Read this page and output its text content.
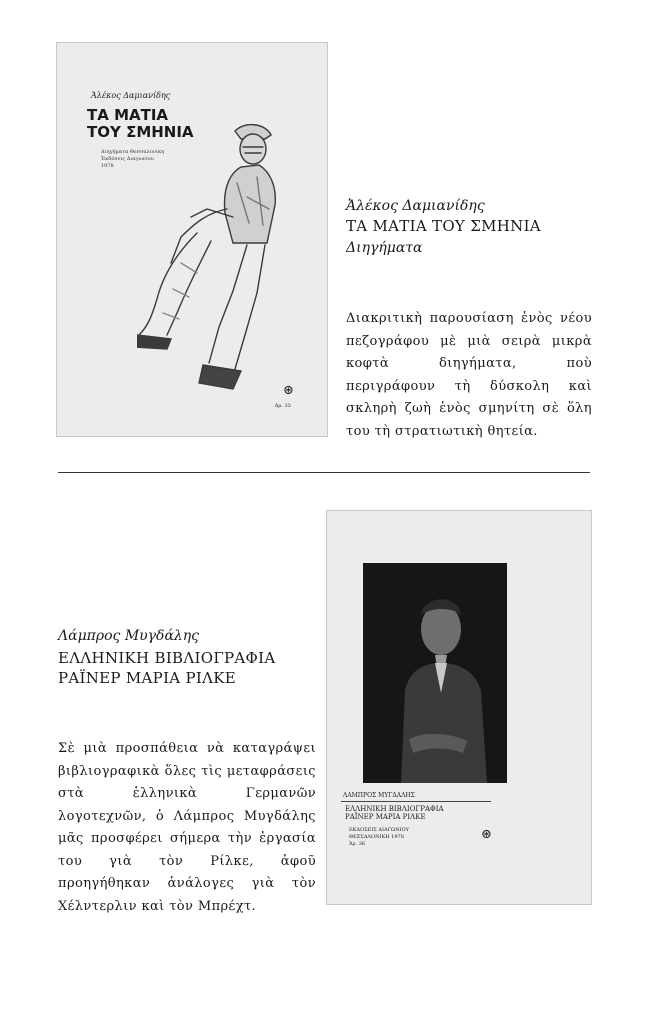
Ἀλέκος Δαμιανίδης
ΤΑ ΜΑΤΙΑ
ΤΟΥ ΣΜΗΝΙΑ
Διηγήματα Θεσσαλονίκη
Ἐκδόσεις Διαγωνίου
1978
⊛
ἀρ. 33
Ἀλέκος Δαμιανίδης
ΤΑ ΜΑΤΙΑ ΤΟΥ ΣΜΗΝΙΑ
Διηγήματα
Διακριτικὴ παρουσίαση ἑνὸς νέου πεζογράφου μὲ μιὰ σειρὰ μικρὰ κοφτὰ διηγήματα, ποὺ περιγράφουν τὴ δύσκολη καὶ σκληρὴ ζωὴ ἑνὸς σμηνίτη σὲ ὅλη του τὴ στρατιωτικὴ θητεία.
Λάμπρος Μυγδάλης
ΕΛΛΗΝΙΚΗ ΒΙΒΛΙΟΓΡΑΦΙΑ
ΡΑΪΝΕΡ ΜΑΡΙΑ ΡΙΛΚΕ
Σὲ μιὰ προσπάθεια νὰ καταγράψει βιβλιογραφικὰ ὅλες τὶς μεταφράσεις στὰ ἑλληνικὰ Γερμανῶν λογοτεχνῶν, ὁ Λάμπρος Μυγδάλης μᾶς προσφέρει σήμερα τὴν ἐργασία του γιὰ τὸν Ρίλκε, ἀφοῦ προηγήθηκαν ἀνάλογες γιὰ τὸν Χέλντερλιν καὶ τὸν Μπρέχτ.
ΛΑΜΠΡΟΣ ΜΥΓΔΑΛΗΣ
ΕΛΛΗΝΙΚΗ ΒΙΒΛΙΟΓΡΑΦΙΑ
ΡΑΪΝΕΡ ΜΑΡΙΑ ΡΙΛΚΕ
ΕΚΔΟΣΕΙΣ ΔΙΑΓΩΝΙΟΥ
ΘΕΣΣΑΛΟΝΙΚΗ 1978
Ἀρ. 36
⊛
